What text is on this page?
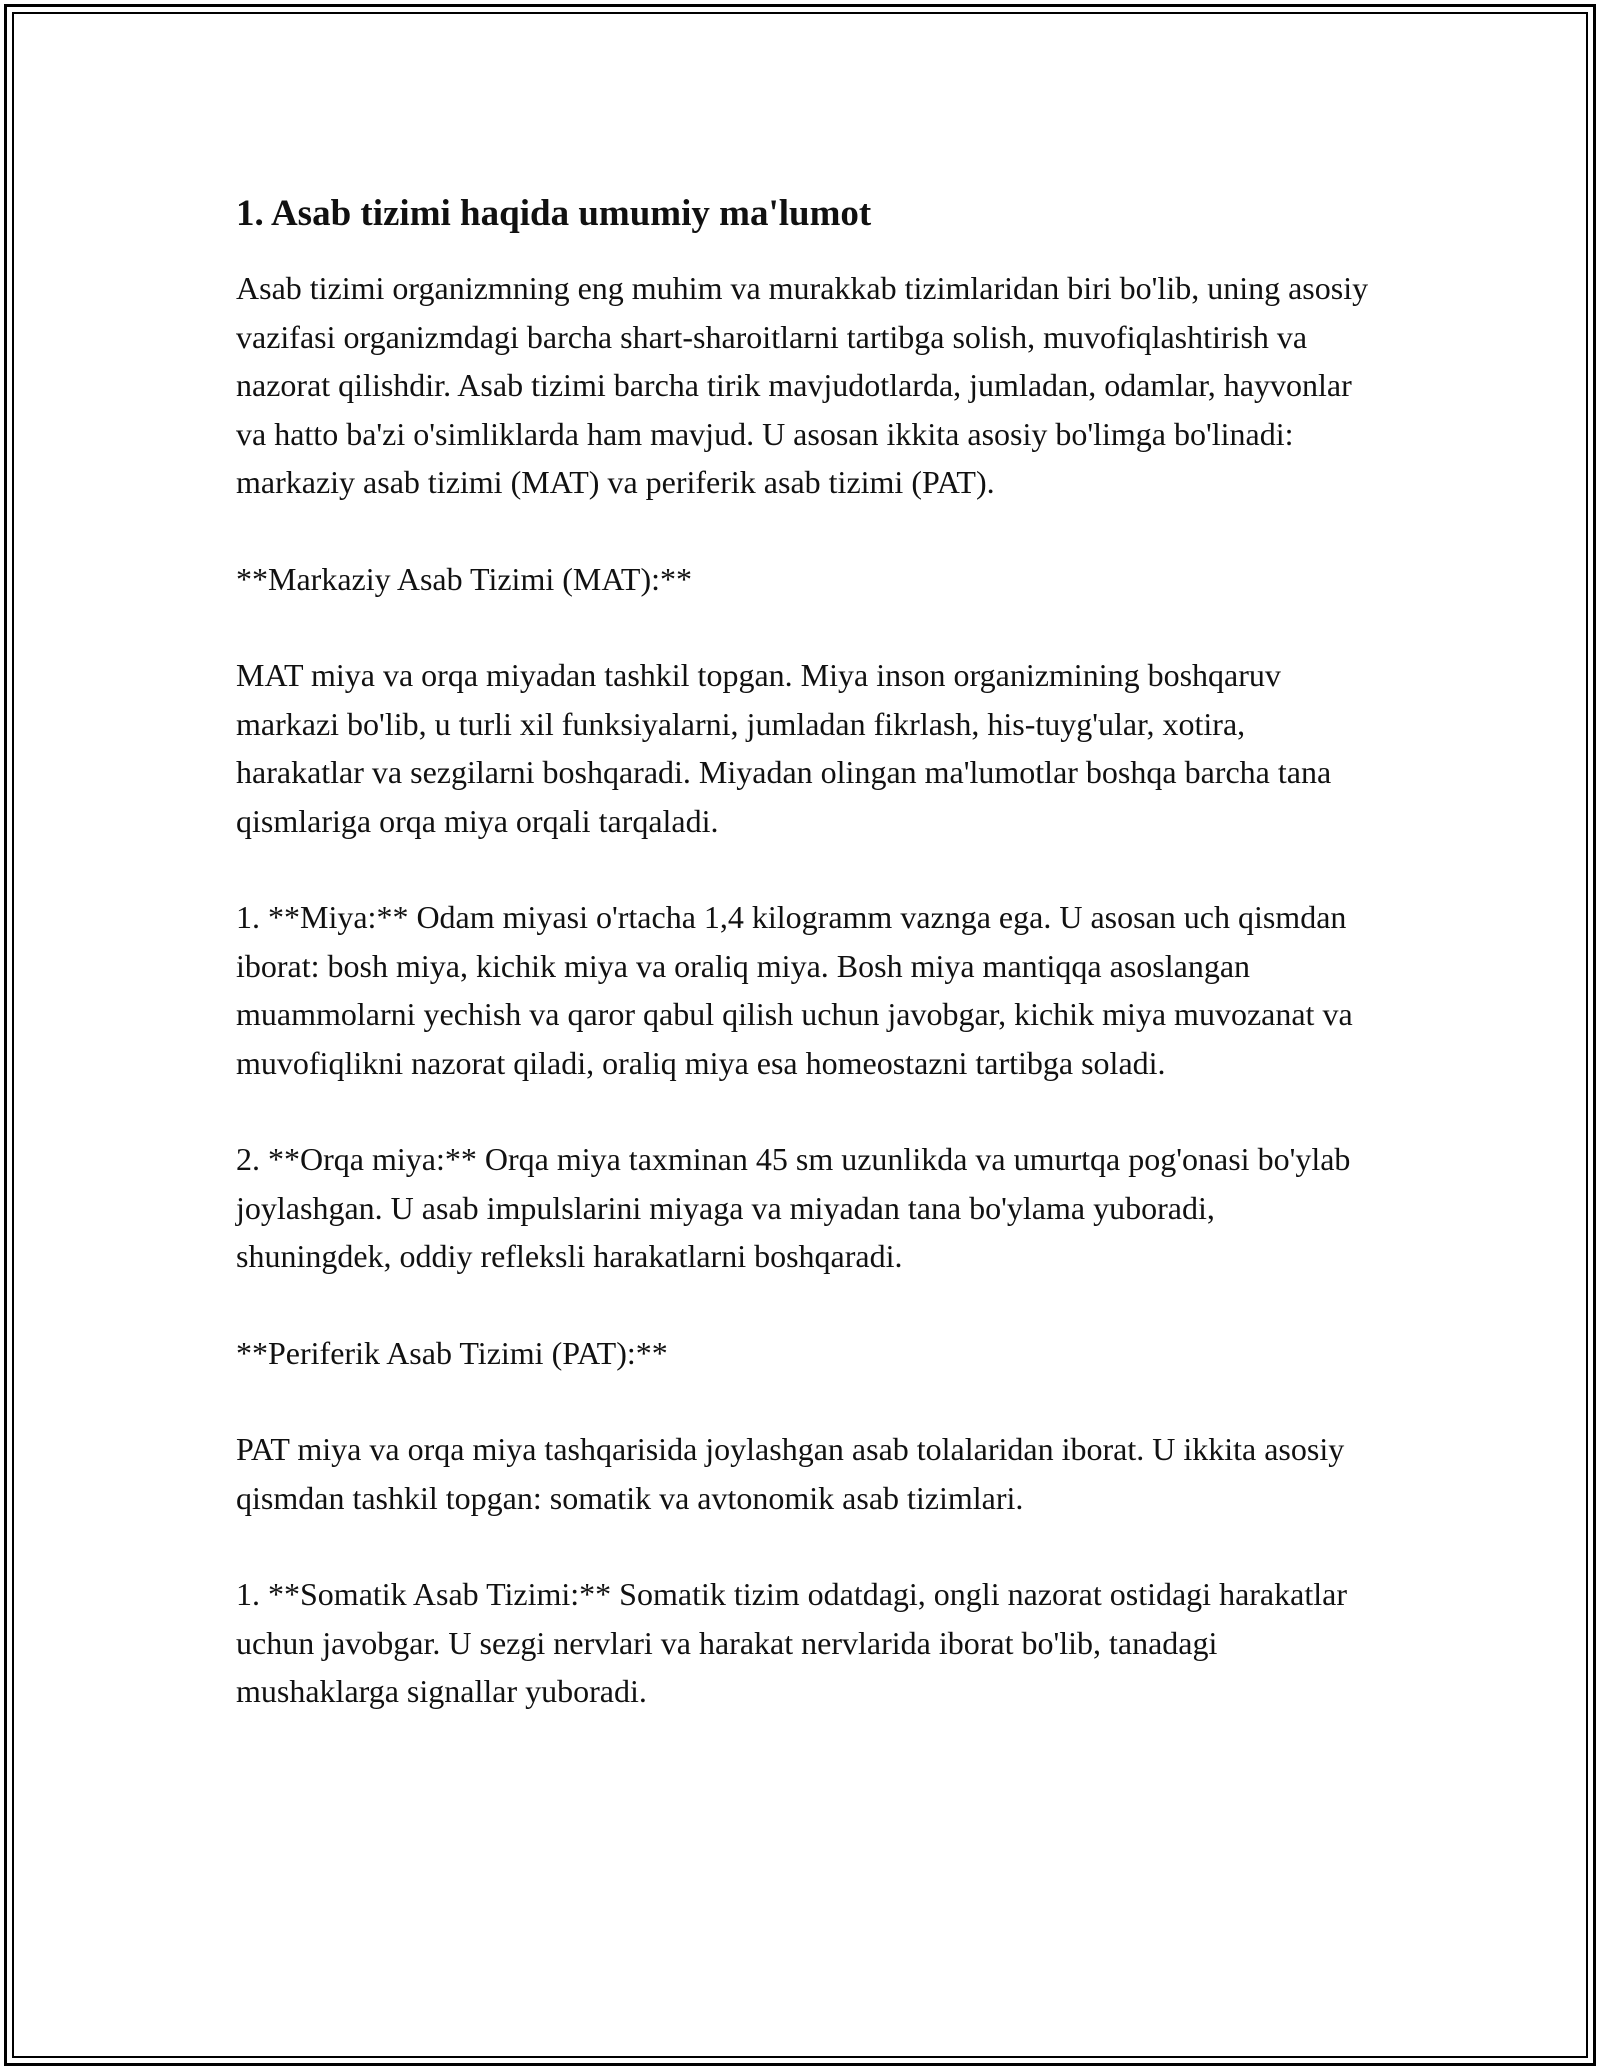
1. Asab tizimi haqida umumiy ma'lumot

Asab tizimi organizmning eng muhim va murakkab tizimlaridan biri bo'lib, uning asosiy vazifasi organizmdagi barcha shart-sharoitlarni tartibga solish, muvofiqlashtirish va nazorat qilishdir. Asab tizimi barcha tirik mavjudotlarda, jumladan, odamlar, hayvonlar va hatto ba'zi o'simliklarda ham mavjud. U asosan ikkita asosiy bo'limga bo'linadi: markaziy asab tizimi (MAT) va periferik asab tizimi (PAT).

**Markaziy Asab Tizimi (MAT):**

MAT miya va orqa miyadan tashkil topgan. Miya inson organizmining boshqaruv markazi bo'lib, u turli xil funksiyalarni, jumladan fikrlash, his-tuyg'ular, xotira, harakatlar va sezgilarni boshqaradi. Miyadan olingan ma'lumotlar boshqa barcha tana qismlariga orqa miya orqali tarqaladi.

1. **Miya:** Odam miyasi o'rtacha 1,4 kilogramm vaznga ega. U asosan uch qismdan iborat: bosh miya, kichik miya va oraliq miya. Bosh miya mantiqqa asoslangan muammolarni yechish va qaror qabul qilish uchun javobgar, kichik miya muvozanat va muvofiqlikni nazorat qiladi, oraliq miya esa homeostazni tartibga soladi.

2. **Orqa miya:** Orqa miya taxminan 45 sm uzunlikda va umurtqa pog'onasi bo'ylab joylashgan. U asab impulslarini miyaga va miyadan tana bo'ylama yuboradi, shuningdek, oddiy refleksli harakatlarni boshqaradi.

**Periferik Asab Tizimi (PAT):**

PAT miya va orqa miya tashqarisida joylashgan asab tolalaridan iborat. U ikkita asosiy qismdan tashkil topgan: somatik va avtonomik asab tizimlari.

1. **Somatik Asab Tizimi:** Somatik tizim odatdagi, ongli nazorat ostidagi harakatlar uchun javobgar. U sezgi nervlari va harakat nervlarida iborat bo'lib, tanadagi mushaklarga signallar yuboradi.
